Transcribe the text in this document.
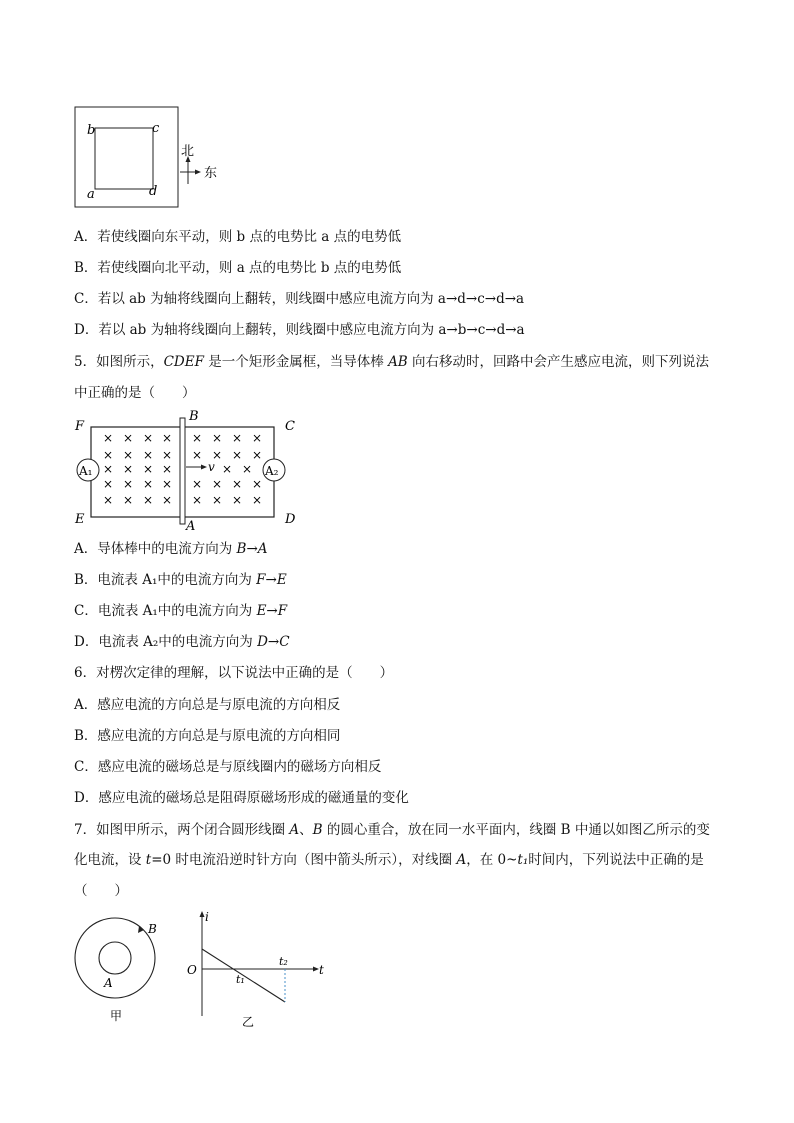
b	c
a	d
北
东
A．若使线圈向东平动，则 b 点的电势比 a 点的电势低
B．若使线圈向北平动，则 a 点的电势比 b 点的电势低
C．若以 ab 为轴将线圈向上翻转，则线圈中感应电流方向为 a→d→c→d→a
D．若以 ab 为轴将线圈向上翻转，则线圈中感应电流方向为 a→b→c→d→a
5．如图所示，CDEF 是一个矩形金属框，当导体棒 AB 向右移动时，回路中会产生感应电流，则下列说法
中正确的是（　　）
× × × × × × × ×
× × × × × × × ×
× × × ×	× ×
× × × × × × × ×
× × × × × × × ×
A₁	A₂
v
F	C
E	D
B
A
A．导体棒中的电流方向为 B→A
B．电流表 A₁中的电流方向为 F→E
C．电流表 A₁中的电流方向为 E→F
D．电流表 A₂中的电流方向为 D→C
6．对楞次定律的理解，以下说法中正确的是（　　）
A．感应电流的方向总是与原电流的方向相反
B．感应电流的方向总是与原电流的方向相同
C．感应电流的磁场总是与原线圈内的磁场方向相反
D．感应电流的磁场总是阻碍原磁场形成的磁通量的变化
7．如图甲所示，两个闭合圆形线圈 A、B 的圆心重合，放在同一水平面内，线圈 B 中通以如图乙所示的变
化电流，设 t=0 时电流沿逆时针方向（图中箭头所示），对线圈 A，在 0~t₁时间内，下列说法中正确的是
（　　）
B
A
甲
i
t
O
t₁
t₂
乙
